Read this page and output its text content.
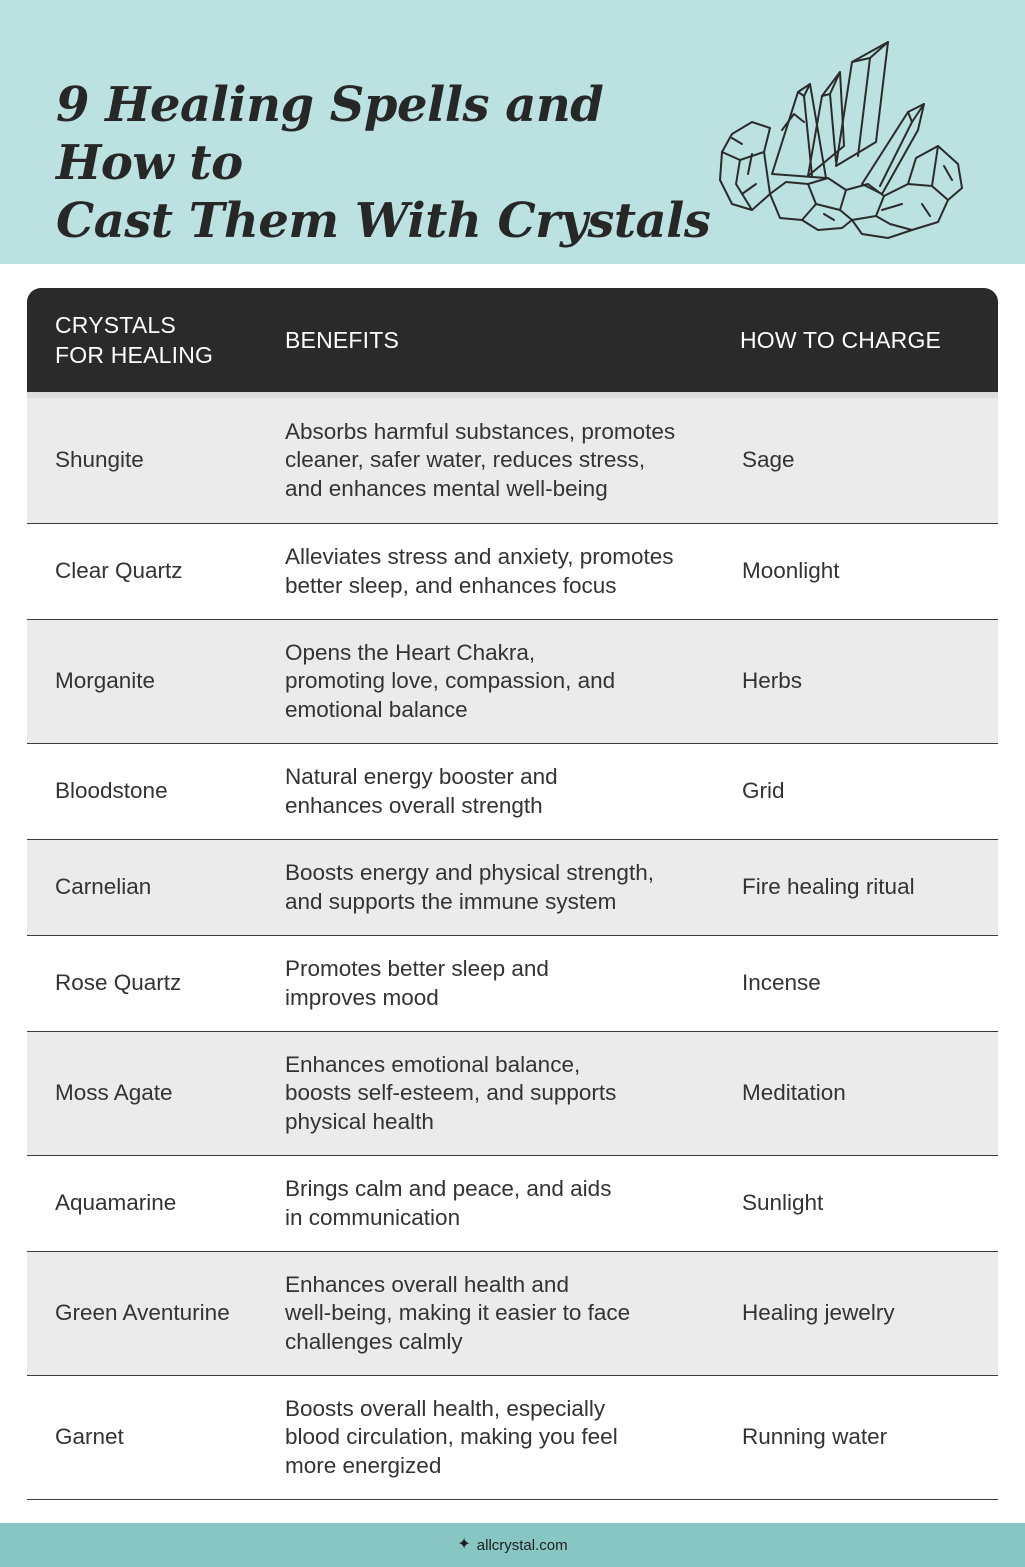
9 Healing Spells and How to
Cast Them With Crystals
CRYSTALS
FOR HEALING
BENEFITS	HOW TO CHARGE
Shungite
Absorbs harmful substances, promotes
cleaner, safer water, reduces stress,
and enhances mental well-being
Sage
Clear Quartz
Alleviates stress and anxiety, promotes
better sleep, and enhances focus
Moonlight
Morganite
Opens the Heart Chakra,
promoting love, compassion, and
emotional balance
Herbs
Bloodstone
Natural energy booster and
enhances overall strength
Grid
Carnelian
Boosts energy and physical strength,
and supports the immune system
Fire healing ritual
Rose Quartz
Promotes better sleep and
improves mood
Incense
Moss Agate
Enhances emotional balance,
boosts self-esteem, and supports
physical health
Meditation
Aquamarine
Brings calm and peace, and aids
in communication
Sunlight
Green Aventurine
Enhances overall health and
well-being, making it easier to face
challenges calmly
Healing jewelry
Garnet
Boosts overall health, especially
blood circulation, making you feel
more energized
Running water
✦ allcrystal.com
